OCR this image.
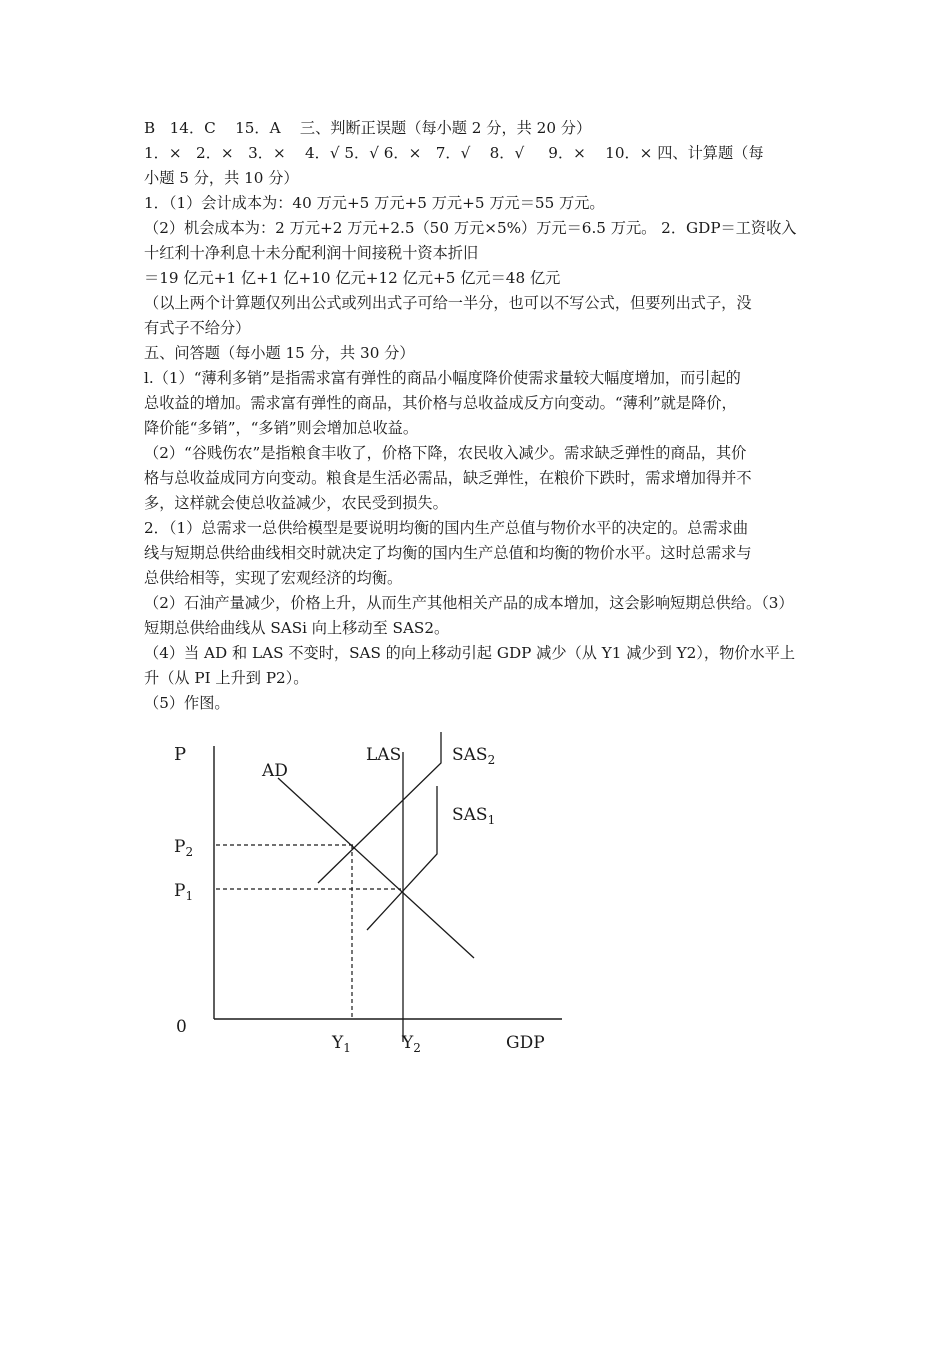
B   14．C    15．A    三、判断正误题（每小题 2 分，共 20 分）

1．×   2．×   3．×    4．√ 5．√ 6．×   7．√    8．√     9．×    10．× 四、计算题（每

小题 5 分，共 10 分）

1．（1）会计成本为：40 万元+5 万元+5 万元+5 万元＝55 万元。

（2）机会成本为：2 万元+2 万元+2.5（50 万元×5%）万元＝6.5 万元。 2．GDP＝工资收入

十红利十净利息十未分配利润十间接税十资本折旧

＝19 亿元+1 亿+1 亿+10 亿元+12 亿元+5 亿元＝48 亿元

（以上两个计算题仅列出公式或列出式子可给一半分，也可以不写公式，但要列出式子，没

有式子不给分）

五、问答题（每小题 15 分，共 30 分）

l.（1）“薄利多销”是指需求富有弹性的商品小幅度降价使需求量较大幅度增加，而引起的

总收益的增加。需求富有弹性的商品，其价格与总收益成反方向变动。“薄利”就是降价，

降价能“多销”，“多销”则会增加总收益。

（2）“谷贱伤农”是指粮食丰收了，价格下降，农民收入减少。需求缺乏弹性的商品，其价

格与总收益成同方向变动。粮食是生活必需品，缺乏弹性，在粮价下跌时，需求增加得并不

多，这样就会使总收益减少，农民受到损失。

2．（1）总需求一总供给模型是要说明均衡的国内生产总值与物价水平的决定的。总需求曲

线与短期总供给曲线相交时就决定了均衡的国内生产总值和均衡的物价水平。这时总需求与

总供给相等，实现了宏观经济的均衡。

（2）石油产量减少，价格上升，从而生产其他相关产品的成本增加，这会影响短期总供给。（3）

短期总供给曲线从 SASi 向上移动至 SAS2。

（4）当 AD 和 LAS 不变时，SAS 的向上移动引起 GDP 减少（从 Y1 减少到 Y2），物价水平上

升（从 PI 上升到 P2）。

（5）作图。

P
AD
LAS	$SAS_2$
$SAS_1$
$P_2$
$P_1$
0
$Y_1$	$Y_2$	GDP
